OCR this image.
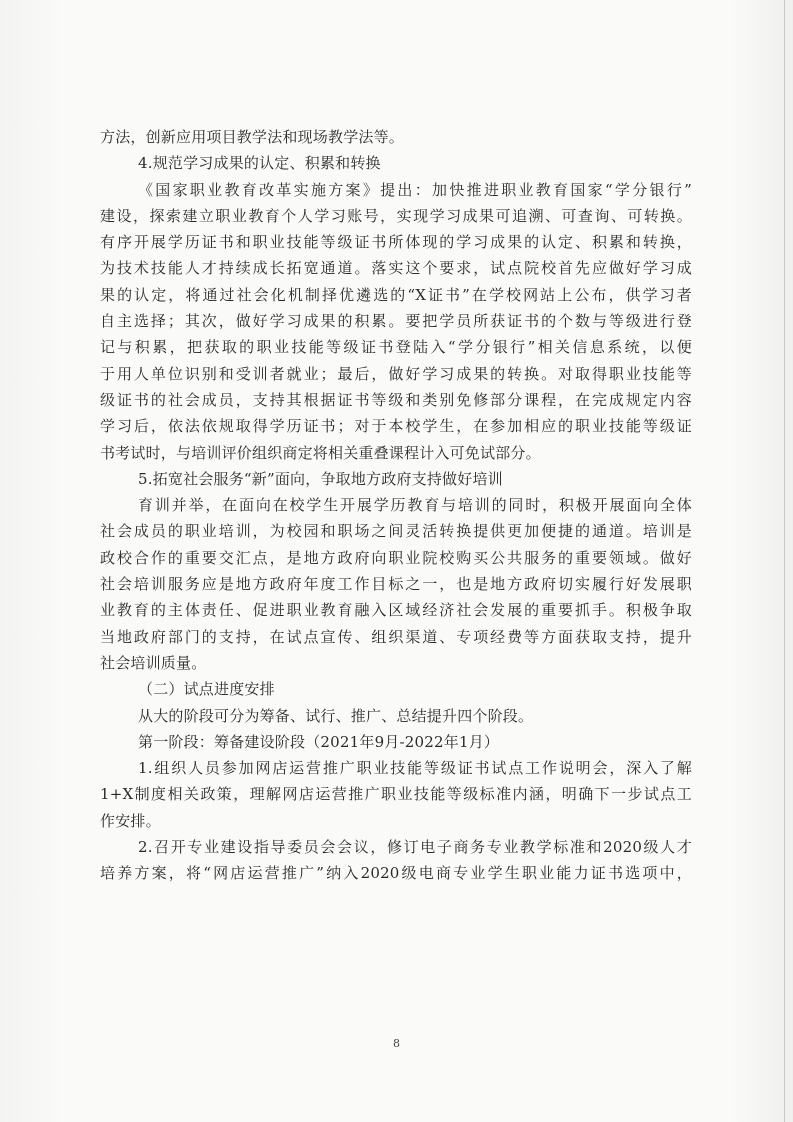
方法，创新应用项目教学法和现场教学法等。
4.规范学习成果的认定、积累和转换
《国家职业教育改革实施方案》提出：加快推进职业教育国家“学分银行”
建设，探索建立职业教育个人学习账号，实现学习成果可追溯、可查询、可转换。
有序开展学历证书和职业技能等级证书所体现的学习成果的认定、积累和转换，
为技术技能人才持续成长拓宽通道。落实这个要求，试点院校首先应做好学习成
果的认定，将通过社会化机制择优遴选的“X证书”在学校网站上公布，供学习者
自主选择；其次，做好学习成果的积累。要把学员所获证书的个数与等级进行登
记与积累，把获取的职业技能等级证书登陆入“学分银行”相关信息系统，以便
于用人单位识别和受训者就业；最后，做好学习成果的转换。对取得职业技能等
级证书的社会成员，支持其根据证书等级和类别免修部分课程，在完成规定内容
学习后，依法依规取得学历证书；对于本校学生，在参加相应的职业技能等级证
书考试时，与培训评价组织商定将相关重叠课程计入可免试部分。
5.拓宽社会服务“新”面向，争取地方政府支持做好培训
育训并举，在面向在校学生开展学历教育与培训的同时，积极开展面向全体
社会成员的职业培训，为校园和职场之间灵活转换提供更加便捷的通道。培训是
政校合作的重要交汇点，是地方政府向职业院校购买公共服务的重要领域。做好
社会培训服务应是地方政府年度工作目标之一，也是地方政府切实履行好发展职
业教育的主体责任、促进职业教育融入区域经济社会发展的重要抓手。积极争取
当地政府部门的支持，在试点宣传、组织渠道、专项经费等方面获取支持，提升
社会培训质量。
（二）试点进度安排
从大的阶段可分为筹备、试行、推广、总结提升四个阶段。
第一阶段：筹备建设阶段（2021年9月-2022年1月）
1.组织人员参加网店运营推广职业技能等级证书试点工作说明会，深入了解
1+X制度相关政策，理解网店运营推广职业技能等级标准内涵，明确下一步试点工
作安排。
2.召开专业建设指导委员会会议，修订电子商务专业教学标准和2020级人才
培养方案，将“网店运营推广”纳入2020级电商专业学生职业能力证书选项中，
8
